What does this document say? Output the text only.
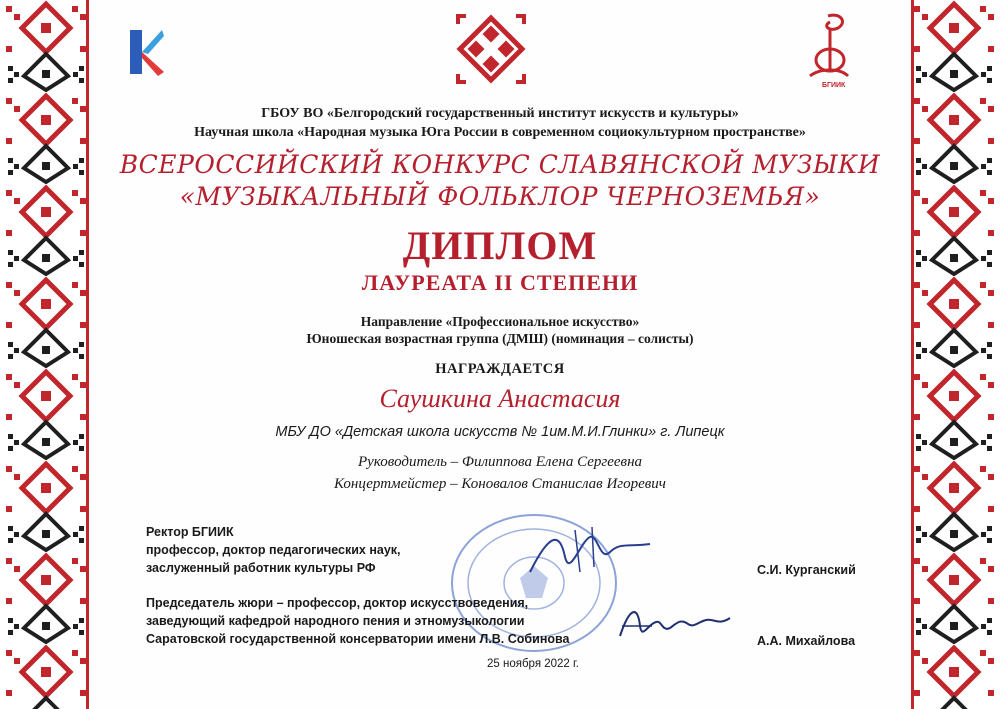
БГИИК
ГБОУ ВО «Белгородский государственный институт искусств и культуры»
Научная школа «Народная музыка Юга России в современном социокультурном пространстве»
ВСЕРОССИЙСКИЙ КОНКУРС СЛАВЯНСКОЙ МУЗЫКИ
«МУЗЫКАЛЬНЫЙ ФОЛЬКЛОР ЧЕРНОЗЕМЬЯ»
ДИПЛОМ
ЛАУРЕАТА II СТЕПЕНИ
Направление «Профессиональное искусство»
Юношеская возрастная группа (ДМШ) (номинация – солисты)
НАГРАЖДАЕТСЯ
Саушкина Анастасия
МБУ ДО «Детская школа искусств № 1им.М.И.Глинки» г. Липецк
Руководитель – Филиппова Елена Сергеевна
Концертмейстер – Коновалов Станислав Игоревич
Ректор БГИИК
профессор, доктор педагогических наук,
заслуженный работник культуры РФ	С.И. Курганский
Председатель жюри – профессор, доктор искусствоведения,
заведующий кафедрой народного пения и этномузыкологии
Саратовской государственной консерватории имени Л.В. Собинова	А.А. Михайлова
25 ноября 2022 г.
